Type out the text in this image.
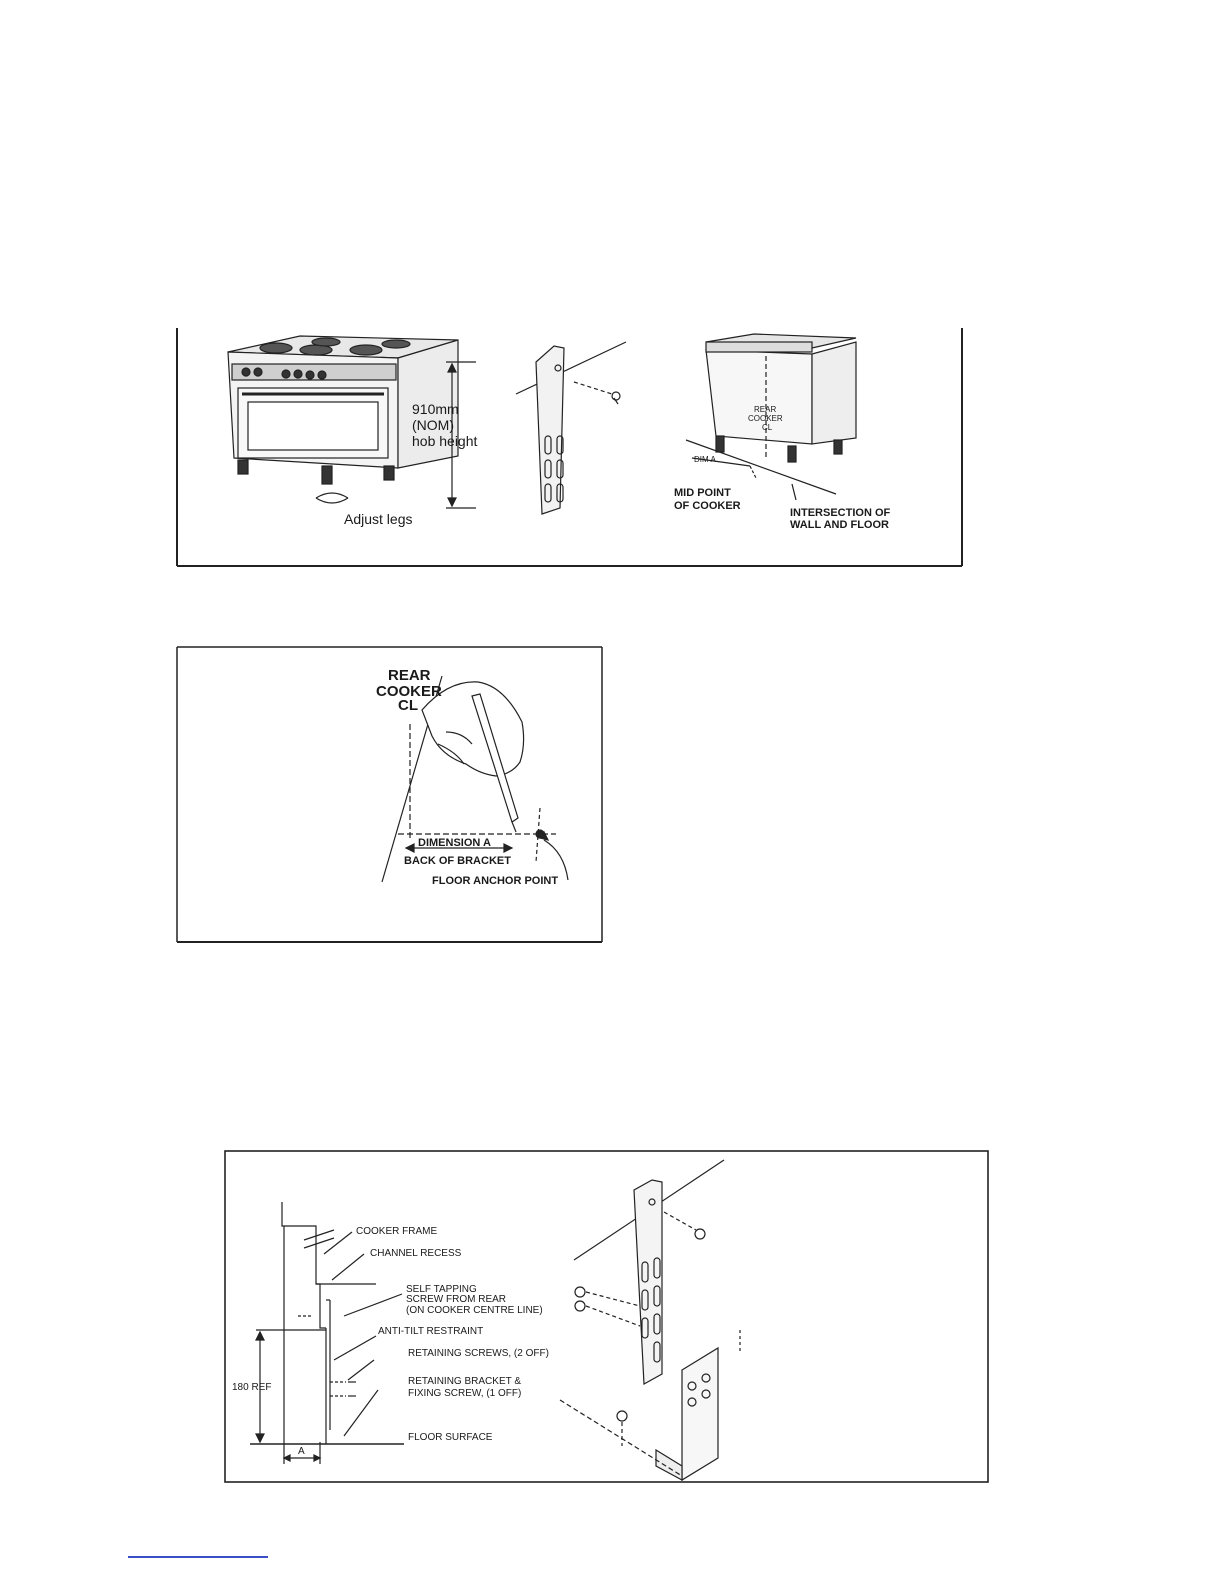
910mm
(NOM)
hob height
Adjust legs
REAR
COOKER
CL
DIM A
MID POINT
OF COOKER
INTERSECTION OF
WALL AND FLOOR
REAR
COOKER
CL
DIMENSION A
BACK OF BRACKET
FLOOR ANCHOR POINT
COOKER FRAME
CHANNEL RECESS
SELF TAPPING
SCREW FROM REAR
(ON COOKER CENTRE LINE)
ANTI-TILT RESTRAINT
RETAINING SCREWS, (2 OFF)
RETAINING BRACKET &
FIXING SCREW, (1 OFF)
FLOOR SURFACE
180 REF
A
